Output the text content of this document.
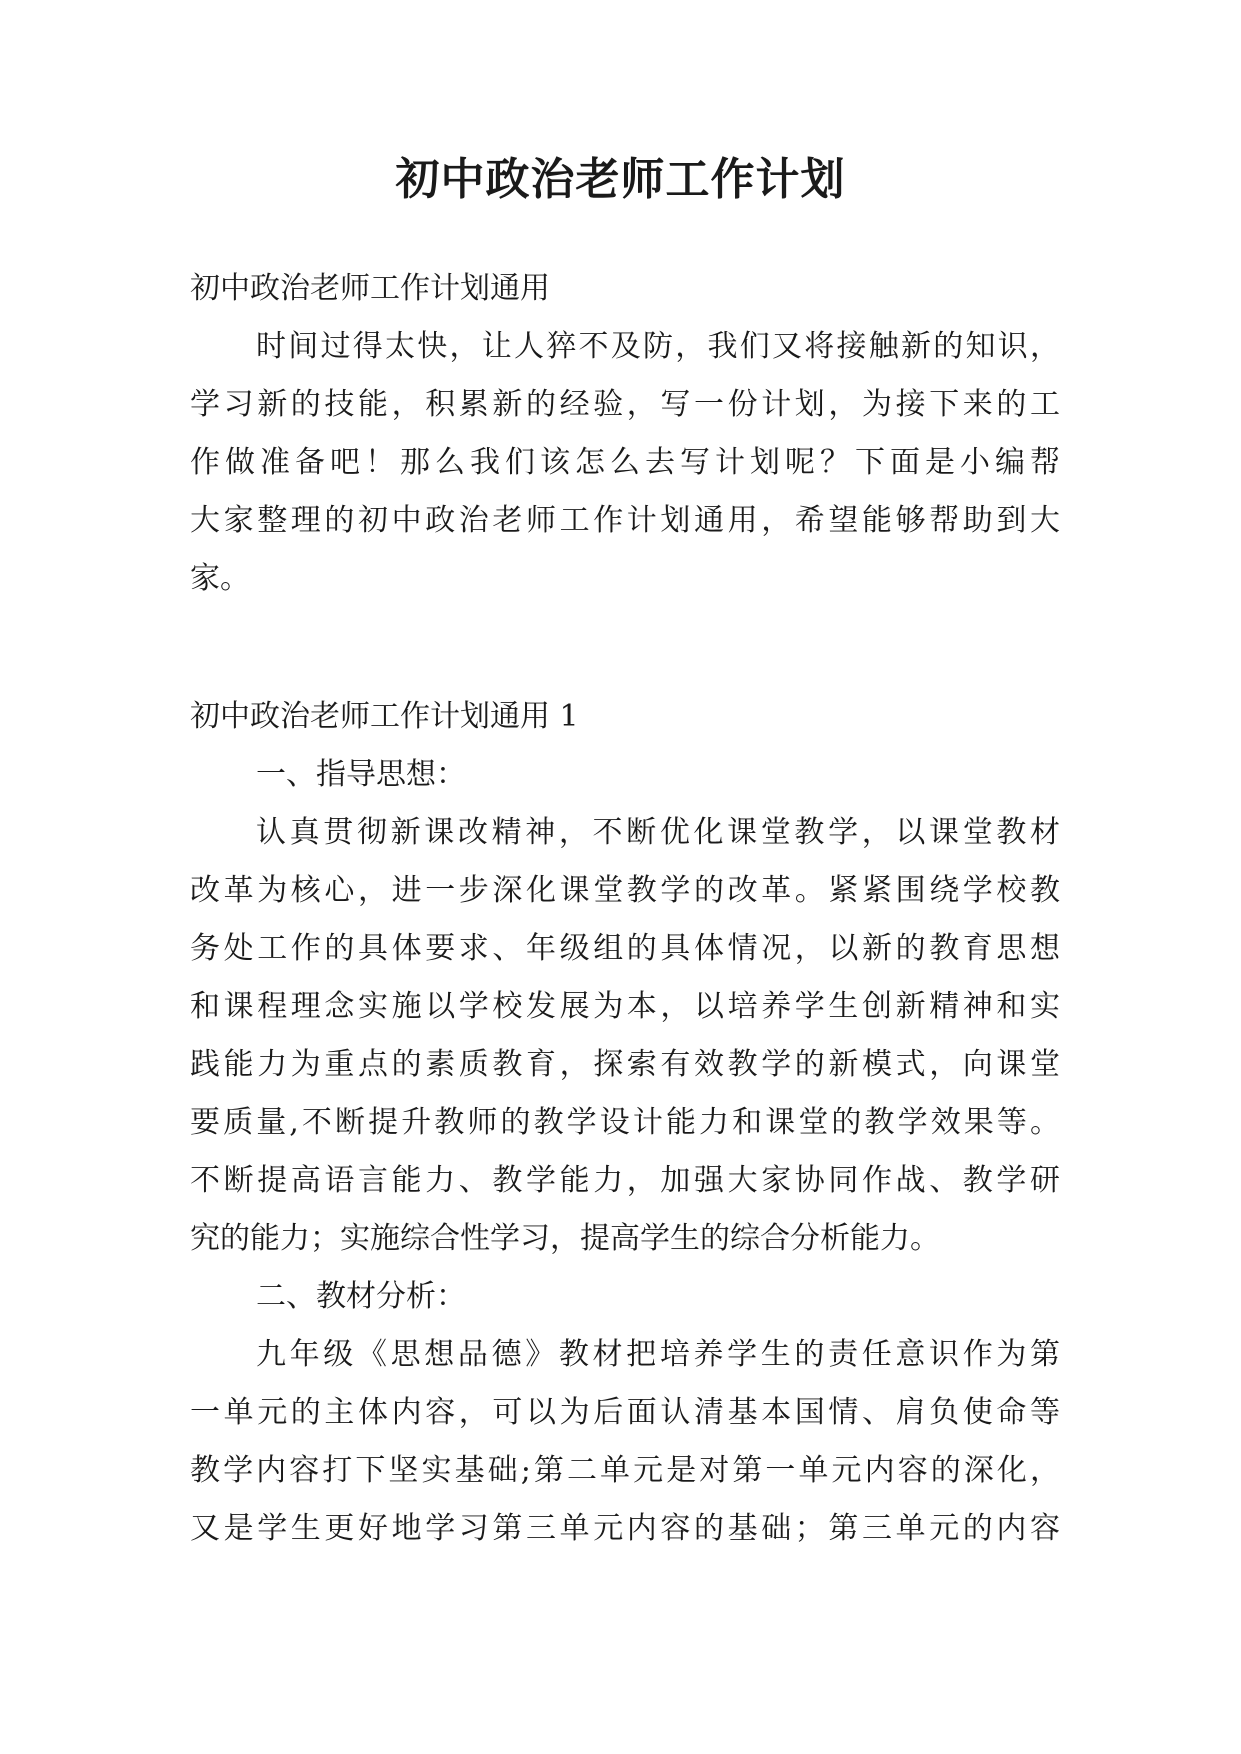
初中政治老师工作计划

初中政治老师工作计划通用

时间过得太快，让人猝不及防，我们又将接触新的知识，

学习新的技能，积累新的经验，写一份计划，为接下来的工

作做准备吧！那么我们该怎么去写计划呢？下面是小编帮

大家整理的初中政治老师工作计划通用，希望能够帮助到大

家。

初中政治老师工作计划通用 1

一、指导思想：

认真贯彻新课改精神，不断优化课堂教学，以课堂教材

改革为核心，进一步深化课堂教学的改革。紧紧围绕学校教

务处工作的具体要求、年级组的具体情况，以新的教育思想

和课程理念实施以学校发展为本，以培养学生创新精神和实

践能力为重点的素质教育，探索有效教学的新模式，向课堂

要质量,不断提升教师的教学设计能力和课堂的教学效果等。

不断提高语言能力、教学能力，加强大家协同作战、教学研

究的能力；实施综合性学习，提高学生的综合分析能力。

二、教材分析：

九年级《思想品德》教材把培养学生的责任意识作为第

一单元的主体内容，可以为后面认清基本国情、肩负使命等

教学内容打下坚实基础;第二单元是对第一单元内容的深化，

又是学生更好地学习第三单元内容的基础；第三单元的内容
